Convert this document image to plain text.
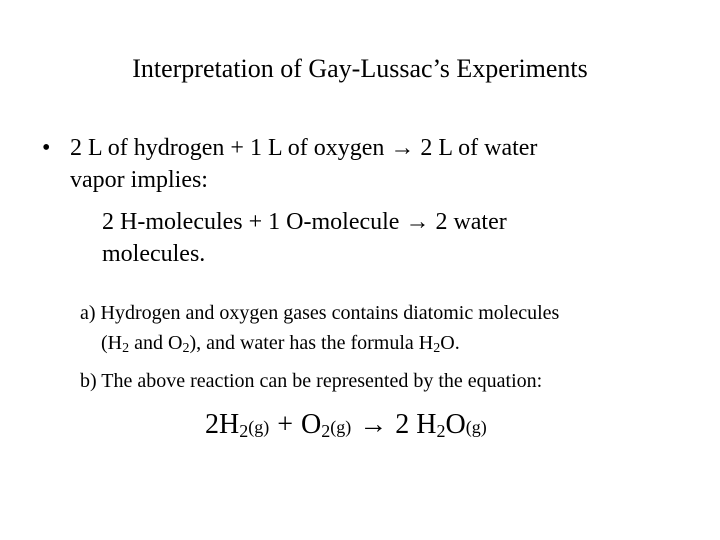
Interpretation of Gay-Lussac’s Experiments
• 2 L of hydrogen + 1 L of oxygen → 2 L of water
vapor implies:
2 H-molecules + 1 O-molecule → 2 water
molecules.
a) Hydrogen and oxygen gases contains diatomic molecules
(H2 and O2), and water has the formula H2O.
b) The above reaction can be represented by the equation:
2H2(g) + O2(g) → 2 H2O(g)
